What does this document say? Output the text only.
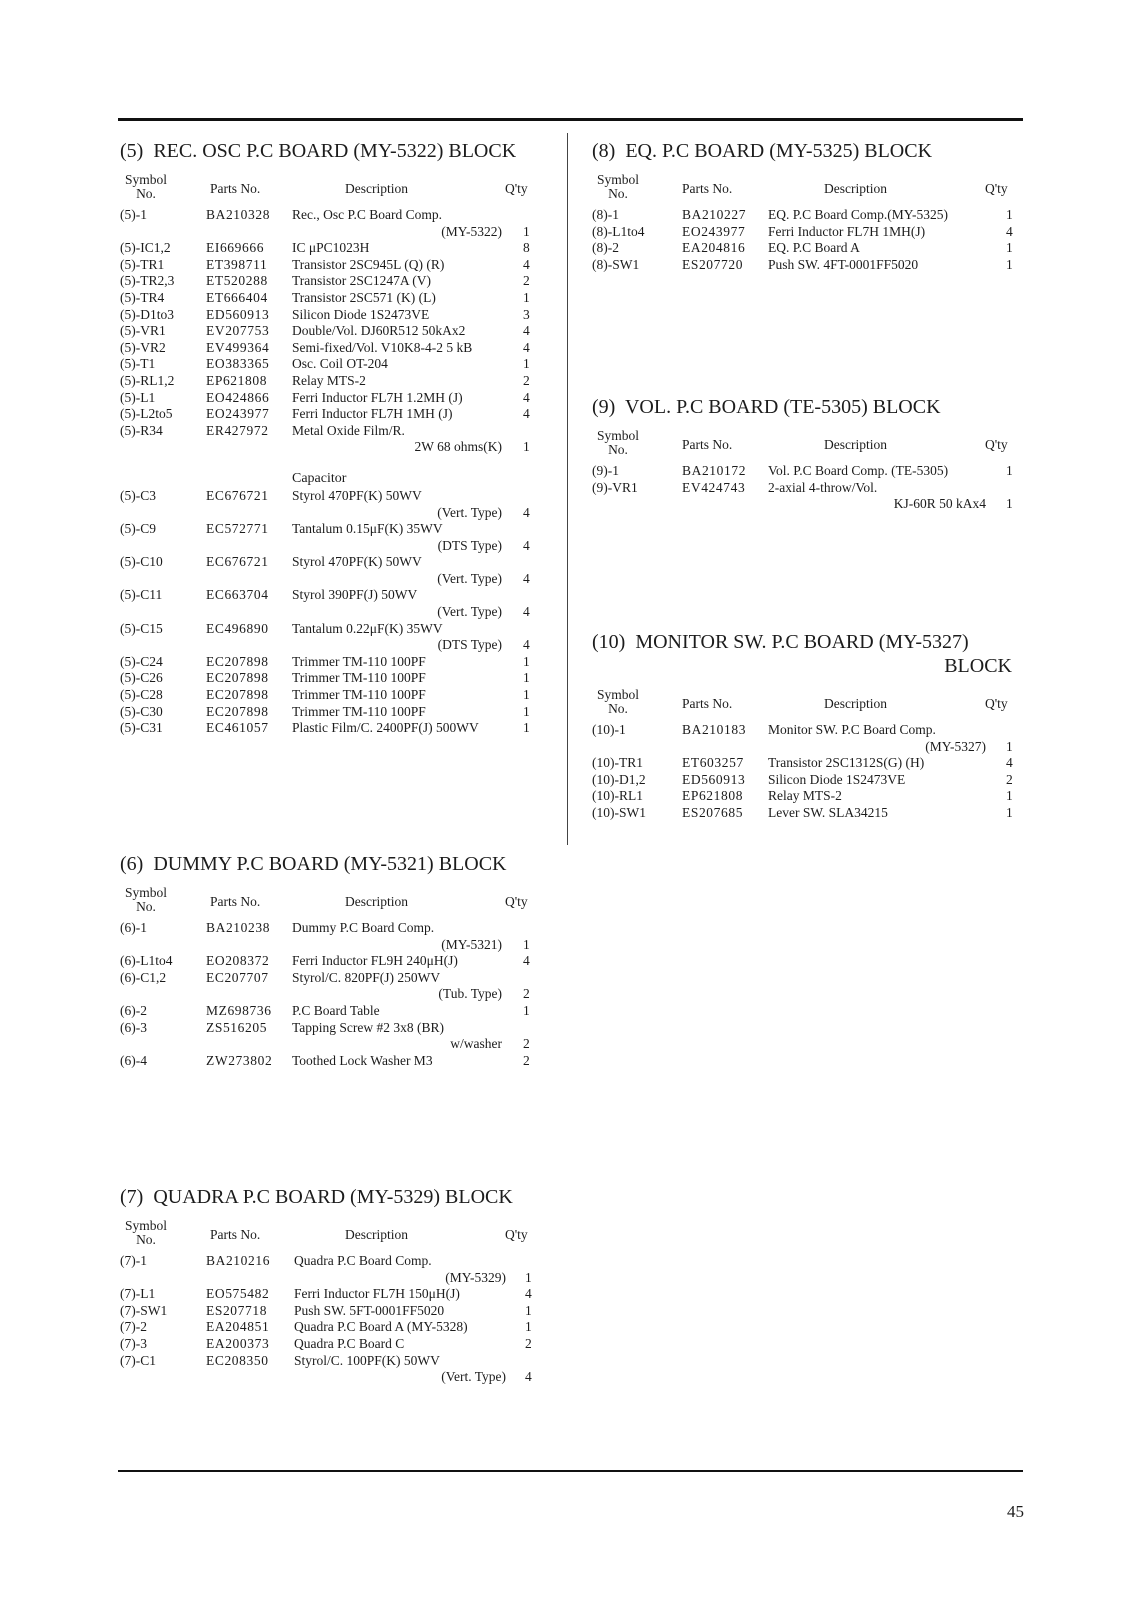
(5)  REC. OSC P.C BOARD (MY-5322) BLOCK
Symbol
No.	Parts No.	Description	Q'ty
(5)-1	BA210328 Rec., Osc P.C Board Comp.
(MY-5322) 1
(5)-IC1,2	EI669666 IC μPC1023H	8
(5)-TR1	ET398711 Transistor 2SC945L (Q) (R)	4
(5)-TR2,3 ET520288 Transistor 2SC1247A (V)	2
(5)-TR4	ET666404 Transistor 2SC571 (K) (L)	1
(5)-D1to3 ED560913 Silicon Diode 1S2473VE	3
(5)-VR1	EV207753 Double/Vol. DJ60R512 50kAx2	4
(5)-VR2	EV499364 Semi-fixed/Vol. V10K8-4-2 5 kB	4
(5)-T1	EO383365 Osc. Coil OT-204	1
(5)-RL1,2 EP621808 Relay MTS-2	2
(5)-L1	EO424866 Ferri Inductor FL7H 1.2MH (J)	4
(5)-L2to5 EO243977 Ferri Inductor FL7H 1MH (J)	4
(5)-R34	ER427972 Metal Oxide Film/R.
2W 68 ohms(K) 1
Capacitor
(5)-C3	EC676721 Styrol 470PF(K) 50WV
(Vert. Type) 4
(5)-C9	EC572771 Tantalum 0.15μF(K) 35WV
(DTS Type) 4
(5)-C10	EC676721 Styrol 470PF(K) 50WV
(Vert. Type) 4
(5)-C11	EC663704 Styrol 390PF(J) 50WV
(Vert. Type) 4
(5)-C15	EC496890 Tantalum 0.22μF(K) 35WV
(DTS Type) 4
(5)-C24	EC207898 Trimmer TM-110 100PF	1
(5)-C26	EC207898 Trimmer TM-110 100PF	1
(5)-C28	EC207898 Trimmer TM-110 100PF	1
(5)-C30	EC207898 Trimmer TM-110 100PF	1
(5)-C31	EC461057 Plastic Film/C. 2400PF(J) 500WV	1
(6)  DUMMY P.C BOARD (MY-5321) BLOCK
Symbol
No.	Parts No.	Description	Q'ty
(6)-1	BA210238 Dummy P.C Board Comp.
(MY-5321) 1
(6)-L1to4 EO208372 Ferri Inductor FL9H 240μH(J)	4
(6)-C1,2	EC207707 Styrol/C. 820PF(J) 250WV
(Tub. Type) 2
(6)-2	MZ698736 P.C Board Table	1
(6)-3	ZS516205 Tapping Screw #2 3x8 (BR)
w/washer 2
(6)-4	ZW273802 Toothed Lock Washer M3	2
(7)  QUADRA P.C BOARD (MY-5329) BLOCK
Symbol
No.	Parts No.	Description	Q'ty
(7)-1	BA210216 Quadra P.C Board Comp.
(MY-5329) 1
(7)-L1	EO575482 Ferri Inductor FL7H 150μH(J)	4
(7)-SW1	ES207718 Push SW. 5FT-0001FF5020	1
(7)-2	EA204851 Quadra P.C Board A (MY-5328)	1
(7)-3	EA200373 Quadra P.C Board C	2
(7)-C1	EC208350 Styrol/C. 100PF(K) 50WV
(Vert. Type) 4
(8)  EQ. P.C BOARD (MY-5325) BLOCK
Symbol
No.	Parts No.	Description	Q'ty
(8)-1	BA210227 EQ. P.C Board Comp.(MY-5325)	1
(8)-L1to4	EO243977 Ferri Inductor FL7H 1MH(J)	4
(8)-2	EA204816 EQ. P.C Board A	1
(8)-SW1	ES207720 Push SW. 4FT-0001FF5020	1
(9)  VOL. P.C BOARD (TE-5305) BLOCK
Symbol
No.	Parts No.	Description	Q'ty
(9)-1	BA210172 Vol. P.C Board Comp. (TE-5305)	1
(9)-VR1	EV424743 2-axial 4-throw/Vol.
KJ-60R 50 kAx4 1
(10)  MONITOR SW. P.C BOARD (MY-5327)
BLOCK
Symbol
No.	Parts No.	Description	Q'ty
(10)-1	BA210183 Monitor SW. P.C Board Comp.
(MY-5327) 1
(10)-TR1	ET603257 Transistor 2SC1312S(G) (H)	4
(10)-D1,2	ED560913 Silicon Diode 1S2473VE	2
(10)-RL1	EP621808 Relay MTS-2	1
(10)-SW1	ES207685 Lever SW. SLA34215	1
45
